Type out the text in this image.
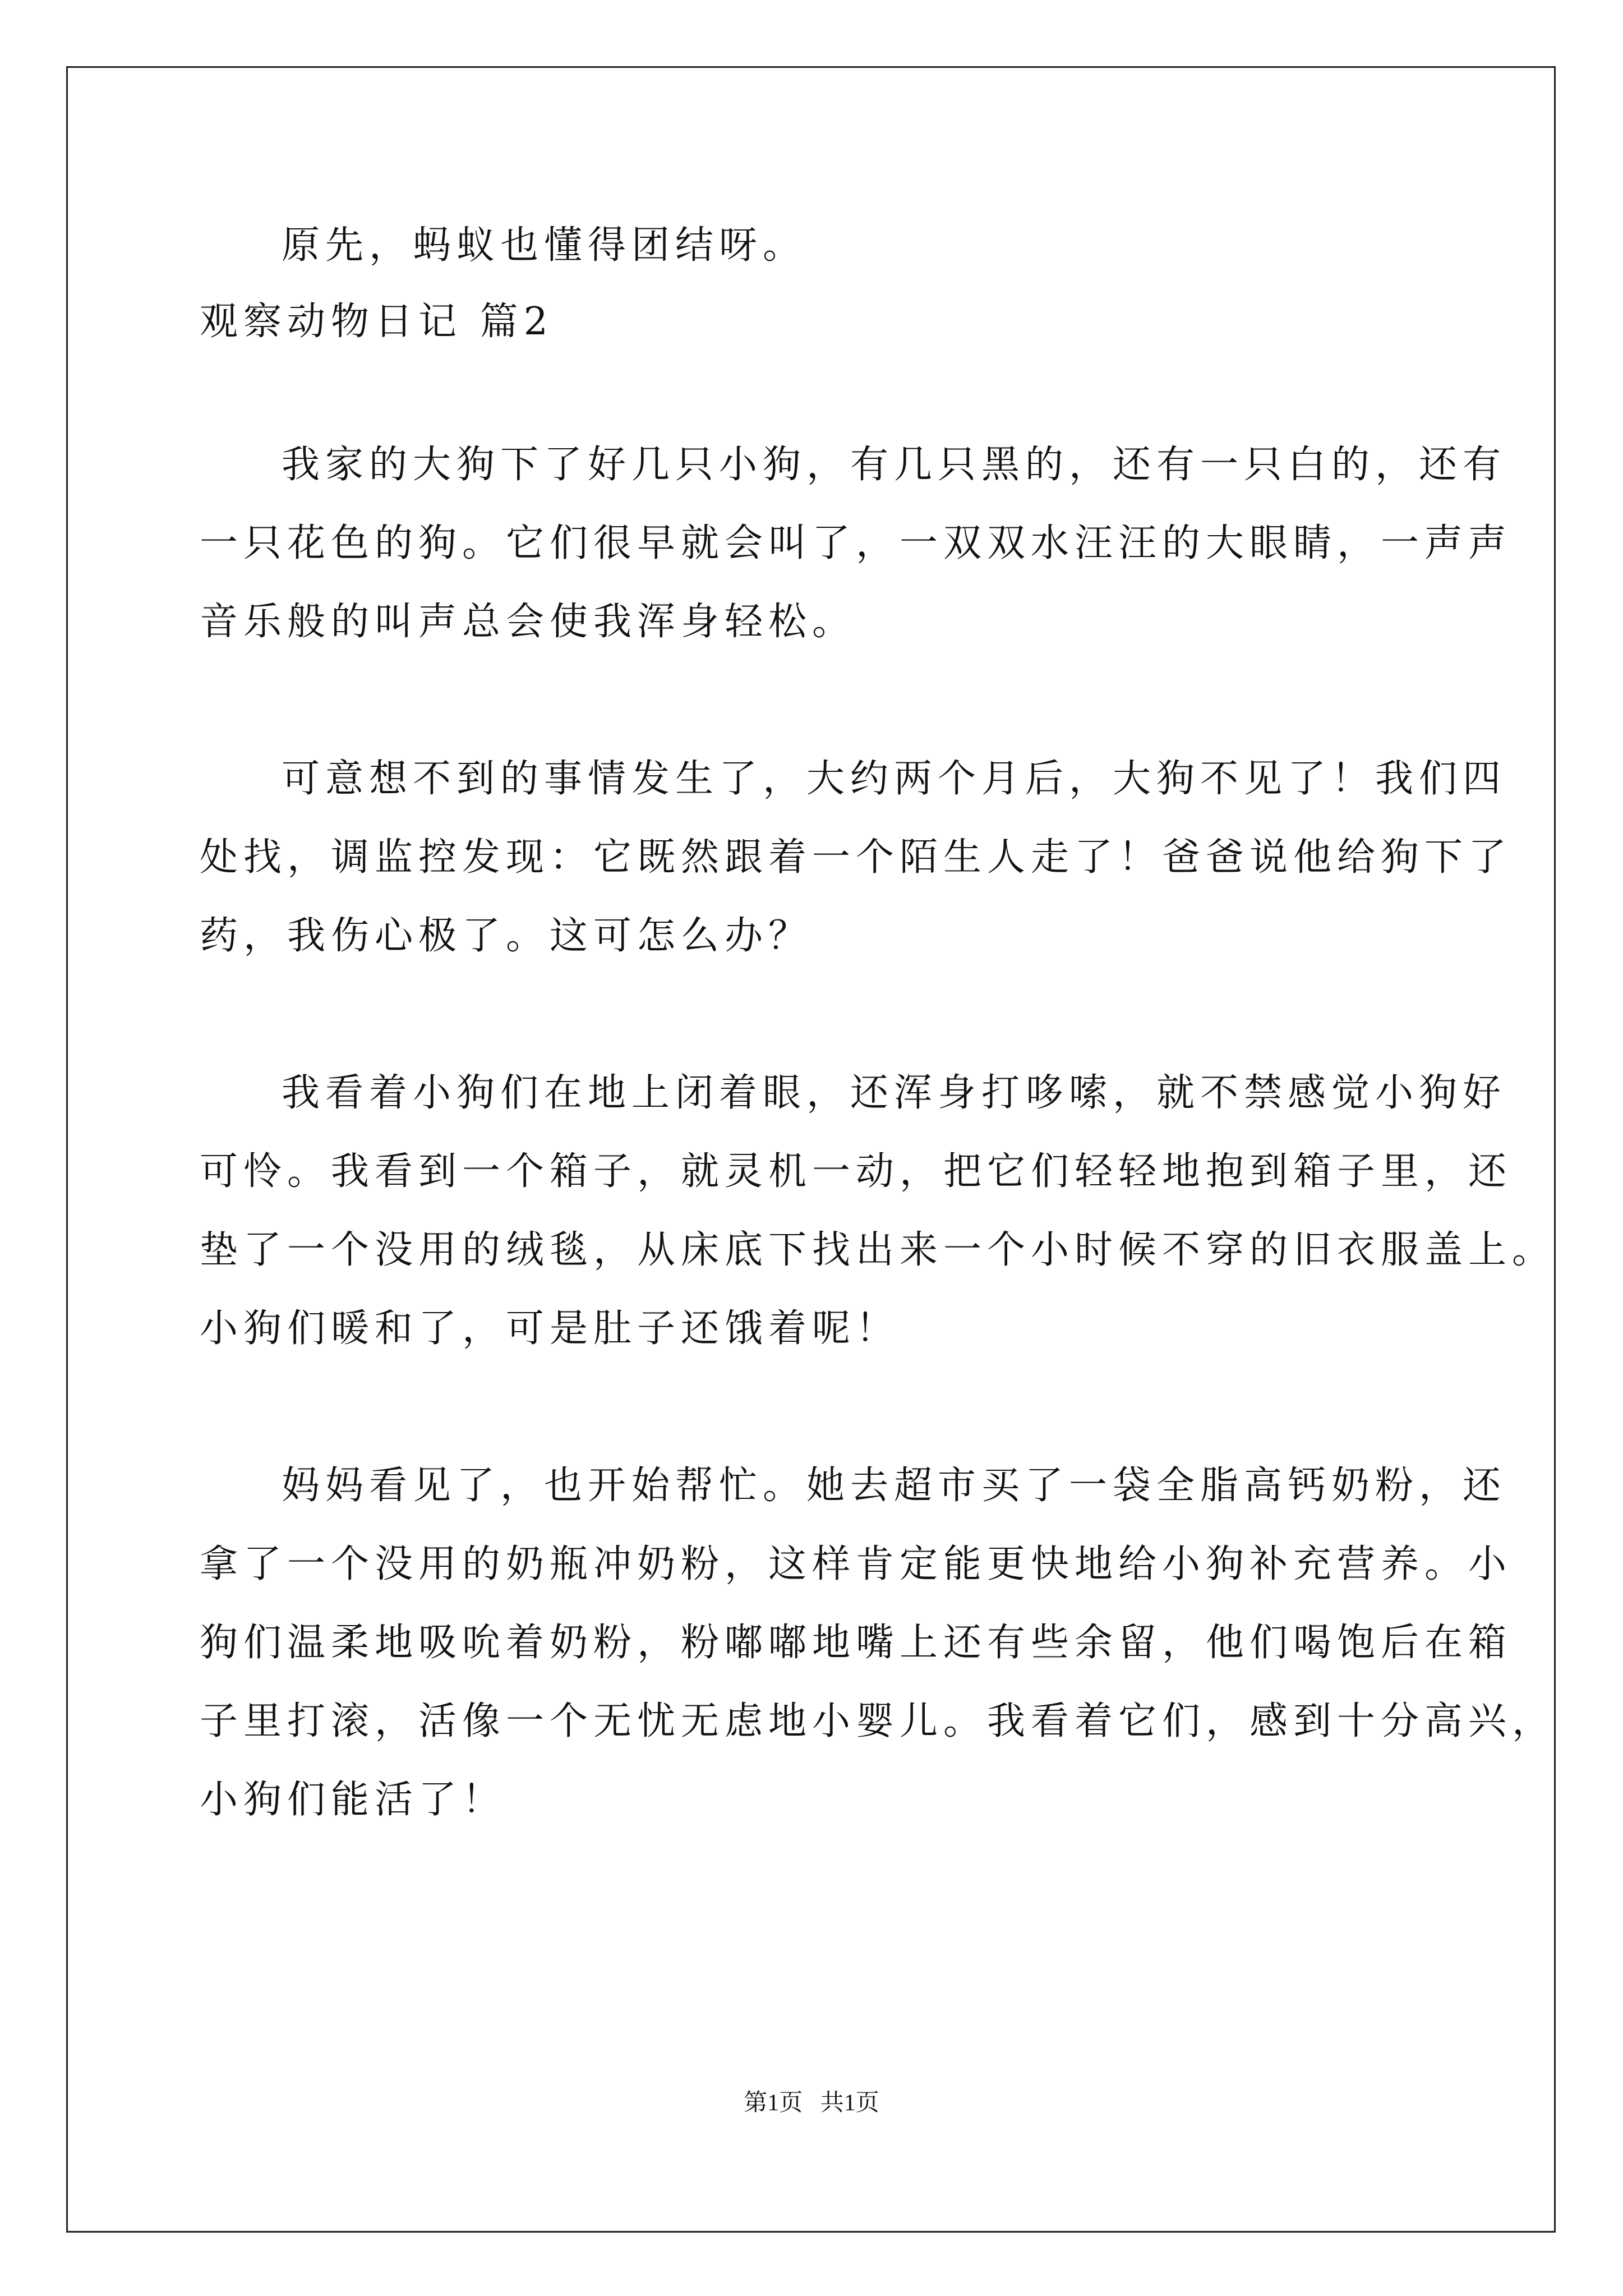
原先，蚂蚁也懂得团结呀。
观察动物日记 篇2
我家的大狗下了好几只小狗，有几只黑的，还有一只白的，还有
一只花色的狗。它们很早就会叫了，一双双水汪汪的大眼睛，一声声
音乐般的叫声总会使我浑身轻松。
可意想不到的事情发生了，大约两个月后，大狗不见了！我们四
处找，调监控发现：它既然跟着一个陌生人走了！爸爸说他给狗下了
药，我伤心极了。这可怎么办？
我看着小狗们在地上闭着眼，还浑身打哆嗦，就不禁感觉小狗好
可怜。我看到一个箱子，就灵机一动，把它们轻轻地抱到箱子里，还
垫了一个没用的绒毯，从床底下找出来一个小时候不穿的旧衣服盖上。
小狗们暖和了，可是肚子还饿着呢！
妈妈看见了，也开始帮忙。她去超市买了一袋全脂高钙奶粉，还
拿了一个没用的奶瓶冲奶粉，这样肯定能更快地给小狗补充营养。小
狗们温柔地吸吮着奶粉，粉嘟嘟地嘴上还有些余留，他们喝饱后在箱
子里打滚，活像一个无忧无虑地小婴儿。我看着它们，感到十分高兴，
小狗们能活了！
第1页   共1页
